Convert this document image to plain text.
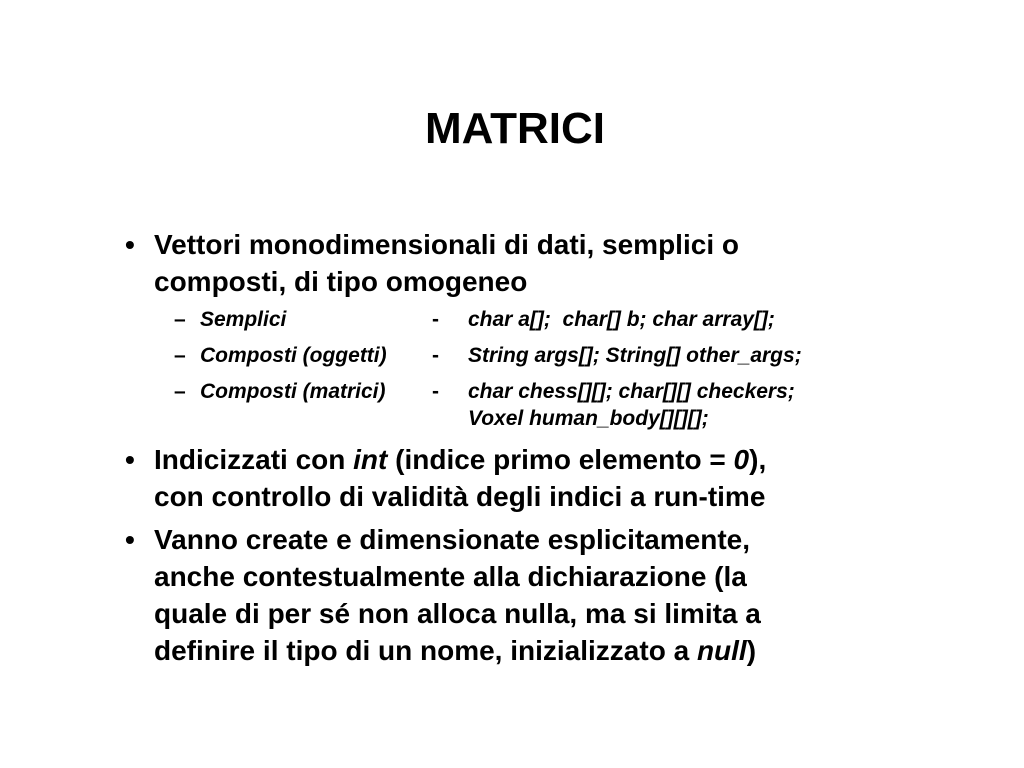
MATRICI
• Vettori monodimensionali di dati, semplici o
composti, di tipo omogeneo
– Semplici	-	char a[];  char[] b; char array[];
– Composti (oggetti)	-	String args[]; String[] other_args;
– Composti (matrici)	-	char chess[][]; char[][] checkers;
Voxel human_body[][][];
• Indicizzati con int (indice primo elemento = 0),
con controllo di validità degli indici a run-time
• Vanno create e dimensionate esplicitamente,
anche contestualmente alla dichiarazione (la
quale di per sé non alloca nulla, ma si limita a
definire il tipo di un nome, inizializzato a null)
